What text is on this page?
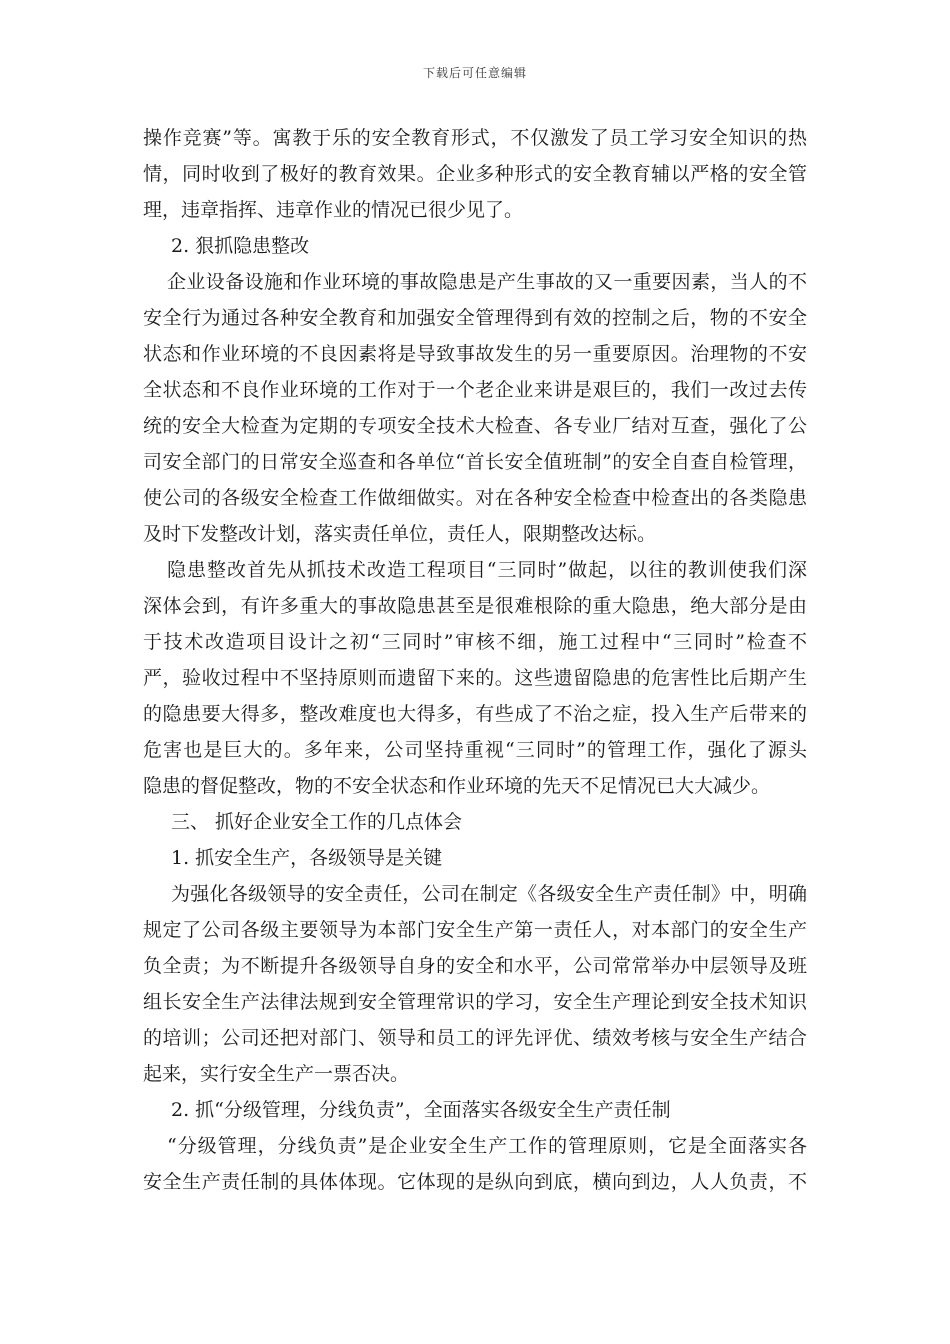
下载后可任意编辑
操作竞赛”等。寓教于乐的安全教育形式，不仅激发了员工学习安全知识的热
情，同时收到了极好的教育效果。企业多种形式的安全教育辅以严格的安全管
理，违章指挥、违章作业的情况已很少见了。
2. 狠抓隐患整改
企业设备设施和作业环境的事故隐患是产生事故的又一重要因素，当人的不
安全行为通过各种安全教育和加强安全管理得到有效的控制之后，物的不安全
状态和作业环境的不良因素将是导致事故发生的另一重要原因。治理物的不安
全状态和不良作业环境的工作对于一个老企业来讲是艰巨的，我们一改过去传
统的安全大检查为定期的专项安全技术大检查、各专业厂结对互查，强化了公
司安全部门的日常安全巡查和各单位“首长安全值班制”的安全自查自检管理，
使公司的各级安全检查工作做细做实。对在各种安全检查中检查出的各类隐患
及时下发整改计划，落实责任单位，责任人，限期整改达标。
隐患整改首先从抓技术改造工程项目“三同时”做起，以往的教训使我们深
深体会到，有许多重大的事故隐患甚至是很难根除的重大隐患，绝大部分是由
于技术改造项目设计之初“三同时”审核不细，施工过程中“三同时”检查不
严，验收过程中不坚持原则而遗留下来的。这些遗留隐患的危害性比后期产生
的隐患要大得多，整改难度也大得多，有些成了不治之症，投入生产后带来的
危害也是巨大的。多年来，公司坚持重视“三同时”的管理工作，强化了源头
隐患的督促整改，物的不安全状态和作业环境的先天不足情况已大大减少。
三、 抓好企业安全工作的几点体会
1. 抓安全生产，各级领导是关键
为强化各级领导的安全责任，公司在制定《各级安全生产责任制》中，明确
规定了公司各级主要领导为本部门安全生产第一责任人，对本部门的安全生产
负全责；为不断提升各级领导自身的安全和水平，公司常常举办中层领导及班
组长安全生产法律法规到安全管理常识的学习，安全生产理论到安全技术知识
的培训；公司还把对部门、领导和员工的评先评优、绩效考核与安全生产结合
起来，实行安全生产一票否决。
2. 抓“分级管理，分线负责”，全面落实各级安全生产责任制
“分级管理，分线负责”是企业安全生产工作的管理原则，它是全面落实各
安全生产责任制的具体体现。它体现的是纵向到底，横向到边，人人负责，不
